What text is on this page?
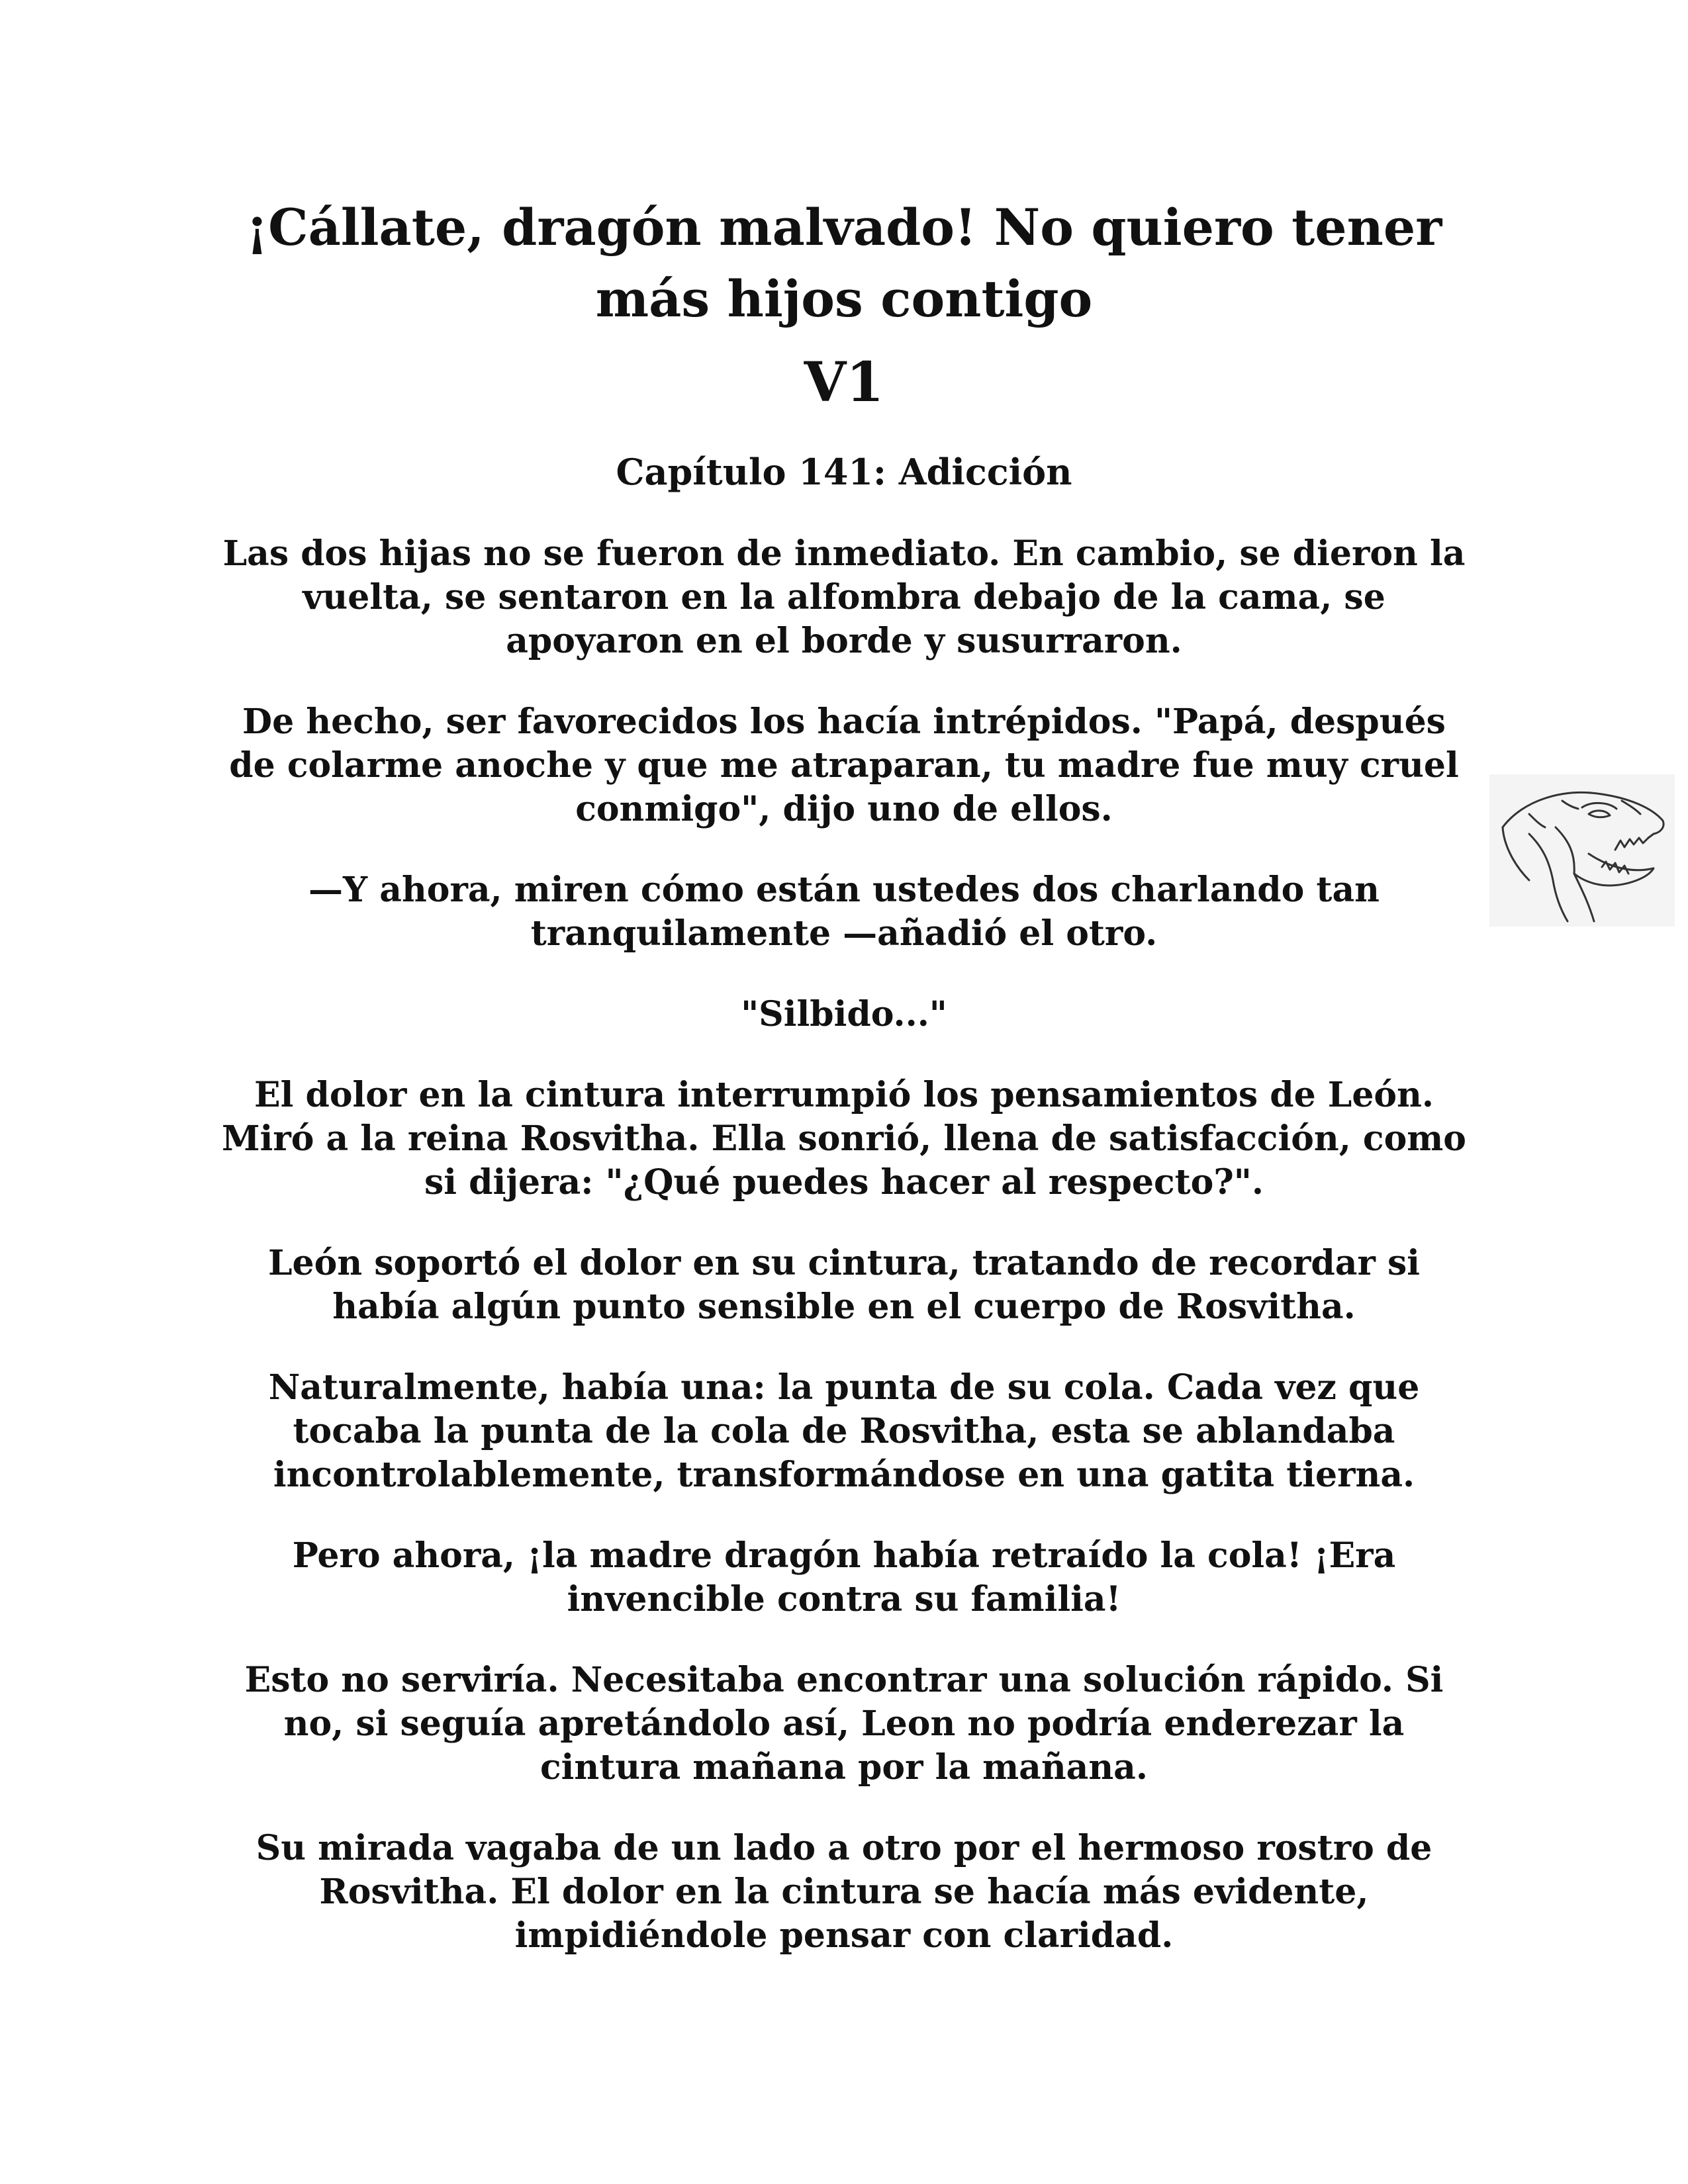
¡Cállate, dragón malvado! No quiero tener
más hijos contigo
V1
Capítulo 141: Adicción

Las dos hijas no se fueron de inmediato. En cambio, se dieron la vuelta, se sentaron en la alfombra debajo de la cama, se apoyaron en el borde y susurraron.

De hecho, ser favorecidos los hacía intrépidos. "Papá, después de colarme anoche y que me atraparan, tu madre fue muy cruel conmigo", dijo uno de ellos.

—Y ahora, miren cómo están ustedes dos charlando tan tranquilamente —añadió el otro.

"Silbido..."

El dolor en la cintura interrumpió los pensamientos de León. Miró a la reina Rosvitha. Ella sonrió, llena de satisfacción, como si dijera: "¿Qué puedes hacer al respecto?".

León soportó el dolor en su cintura, tratando de recordar si había algún punto sensible en el cuerpo de Rosvitha.

Naturalmente, había una: la punta de su cola. Cada vez que tocaba la punta de la cola de Rosvitha, esta se ablandaba incontrolablemente, transformándose en una gatita tierna.

Pero ahora, ¡la madre dragón había retraído la cola! ¡Era invencible contra su familia!

Esto no serviría. Necesitaba encontrar una solución rápido. Si no, si seguía apretándolo así, Leon no podría enderezar la cintura mañana por la mañana.

Su mirada vagaba de un lado a otro por el hermoso rostro de Rosvitha. El dolor en la cintura se hacía más evidente, impidiéndole pensar con claridad.
